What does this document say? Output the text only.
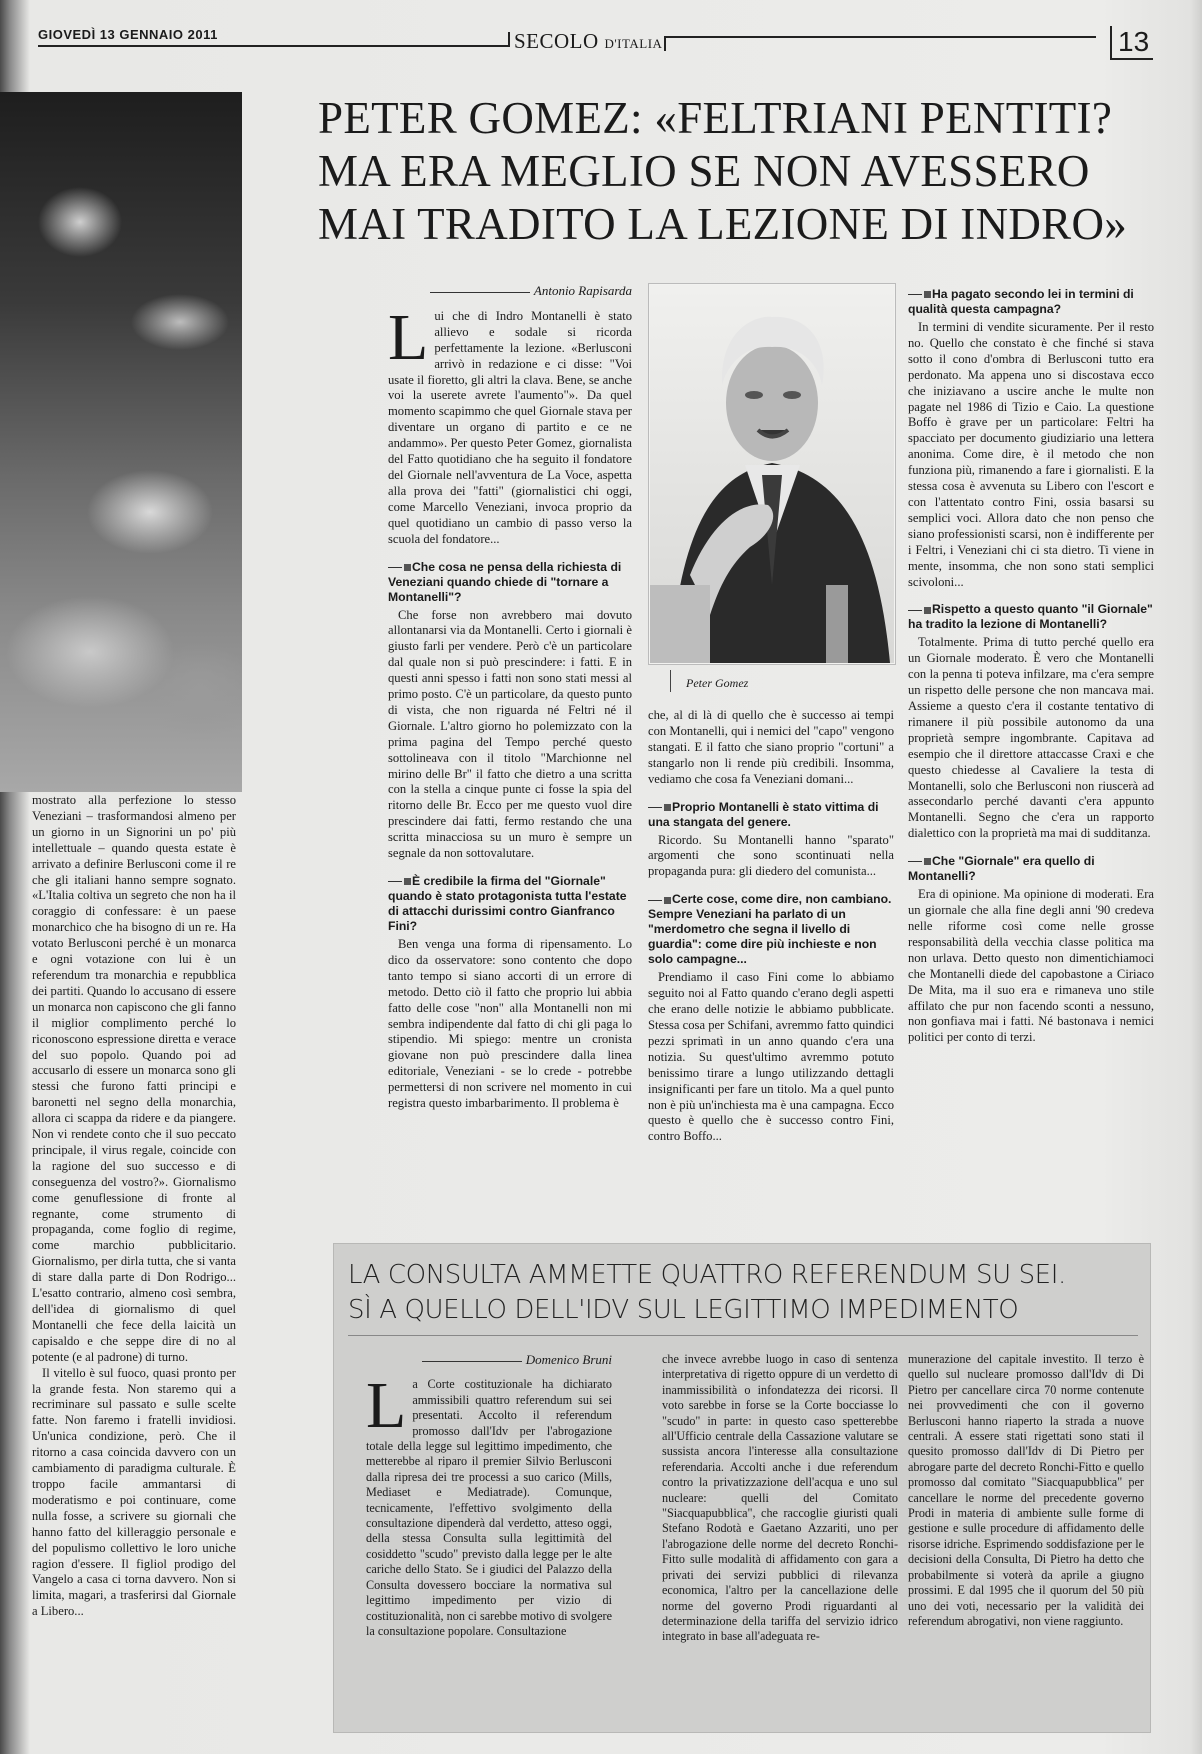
GIOVEDÌ 13 GENNAIO 2011	SECOLO D'ITALIA	13
PETER GOMEZ: «FELTRIANI PENTITI?
MA ERA MEGLIO SE NON AVESSERO
MAI TRADITO LA LEZIONE DI INDRO»

mostrato alla perfezione lo stesso Veneziani – trasformandosi almeno per un giorno in un Signorini un po' più intellettuale – quando questa estate è arrivato a definire Berlusconi come il re che gli italiani hanno sempre sognato. «L'Italia coltiva un segreto che non ha il coraggio di confessare: è un paese monarchico che ha bisogno di un re. Ha votato Berlusconi perché è un monarca e ogni votazione con lui è un referendum tra monarchia e repubblica dei partiti. Quando lo accusano di essere un monarca non capiscono che gli fanno il miglior complimento perché lo riconoscono espressione diretta e verace del suo popolo. Quando poi ad accusarlo di essere un monarca sono gli stessi che furono fatti principi e baronetti nel segno della monarchia, allora ci scappa da ridere e da piangere. Non vi rendete conto che il suo peccato principale, il virus regale, coincide con la ragione del suo successo e di conseguenza del vostro?». Giornalismo come genuflessione di fronte al regnante, come strumento di propaganda, come foglio di regime, come marchio pubblicitario. Giornalismo, per dirla tutta, che si vanta di stare dalla parte di Don Rodrigo... L'esatto contrario, almeno così sembra, dell'idea di giornalismo di quel Montanelli che fece della laicità un capisaldo e che seppe dire di no al potente (e al padrone) di turno.

Il vitello è sul fuoco, quasi pronto per la grande festa. Non staremo qui a recriminare sul passato e sulle scelte fatte. Non faremo i fratelli invidiosi. Un'unica condizione, però. Che il ritorno a casa coincida davvero con un cambiamento di paradigma culturale. È troppo facile ammantarsi di moderatismo e poi continuare, come nulla fosse, a scrivere su giornali che hanno fatto del killeraggio personale e del populismo collettivo le loro uniche ragion d'essere. Il figliol prodigo del Vangelo a casa ci torna davvero. Non si limita, magari, a trasferirsi dal Giornale a Libero...

Antonio Rapisarda

L ui che di Indro Montanelli è stato allievo e sodale si ricorda perfettamente la lezione. «Berlusconi arrivò in redazione e ci disse: "Voi usate il fioretto, gli altri la clava. Bene, se anche voi la userete avrete l'aumento"». Da quel momento scapimmo che quel Giornale stava per diventare un organo di partito e ce ne andammo». Per questo Peter Gomez, giornalista del Fatto quotidiano che ha seguito il fondatore del Giornale nell'avventura de La Voce, aspetta alla prova dei "fatti" (giornalistici chi oggi, come Marcello Veneziani, invoca proprio da quel quotidiano un cambio di passo verso la scuola del fondatore...

Che cosa ne pensa della richiesta di Veneziani quando chiede di "tornare a Montanelli"?

Che forse non avrebbero mai dovuto allontanarsi via da Montanelli. Certo i giornali è giusto farli per vendere. Però c'è un particolare dal quale non si può prescindere: i fatti. E in questi anni spesso i fatti non sono stati messi al primo posto. C'è un particolare, da questo punto di vista, che non riguarda né Feltri né il Giornale. L'altro giorno ho polemizzato con la prima pagina del Tempo perché questo sottolineava con il titolo "Marchionne nel mirino delle Br" il fatto che dietro a una scritta con la stella a cinque punte ci fosse la spia del ritorno delle Br. Ecco per me questo vuol dire prescindere dai fatti, fermo restando che una scritta minacciosa su un muro è sempre un segnale da non sottovalutare.

È credibile la firma del "Giornale" quando è stato protagonista tutta l'estate di attacchi durissimi contro Gianfranco Fini?

Ben venga una forma di ripensamento. Lo dico da osservatore: sono contento che dopo tanto tempo si siano accorti di un errore di metodo. Detto ciò il fatto che proprio lui abbia fatto delle cose "non" alla Montanelli non mi sembra indipendente dal fatto di chi gli paga lo stipendio. Mi spiego: mentre un cronista giovane non può prescindere dalla linea editoriale, Veneziani - se lo crede - potrebbe permettersi di non scrivere nel momento in cui registra questo imbarbarimento. Il problema è

Peter Gomez

che, al di là di quello che è successo ai tempi con Montanelli, qui i nemici del "capo" vengono stangati. E il fatto che siano proprio "cortuni" a stangarlo non li rende più credibili. Insomma, vediamo che cosa fa Veneziani domani...

Proprio Montanelli è stato vittima di una stangata del genere.

Ricordo. Su Montanelli hanno "sparato" argomenti che sono scontinuati nella propaganda pura: gli diedero del comunista...

Certe cose, come dire, non cambiano. Sempre Veneziani ha parlato di un "merdometro che segna il livello di guardia": come dire più inchieste e non solo campagne...

Prendiamo il caso Fini come lo abbiamo seguito noi al Fatto quando c'erano degli aspetti che erano delle notizie le abbiamo pubblicate. Stessa cosa per Schifani, avremmo fatto quindici pezzi sprimatì in un anno quando c'era una notizia. Su quest'ultimo avremmo potuto benissimo tirare a lungo utilizzando dettagli insignificanti per fare un titolo. Ma a quel punto non è più un'inchiesta ma è una campagna. Ecco questo è quello che è successo contro Fini, contro Boffo...

Ha pagato secondo lei in termini di qualità questa campagna?

In termini di vendite sicuramente. Per il resto no. Quello che constato è che finché si stava sotto il cono d'ombra di Berlusconi tutto era perdonato. Ma appena uno si discostava ecco che iniziavano a uscire anche le multe non pagate nel 1986 di Tizio e Caio. La questione Boffo è grave per un particolare: Feltri ha spacciato per documento giudiziario una lettera anonima. Come dire, è il metodo che non funziona più, rimanendo a fare i giornalisti. E la stessa cosa è avvenuta su Libero con l'escort e con l'attentato contro Fini, ossia basarsi su semplici voci. Allora dato che non penso che siano professionisti scarsi, non è indifferente per i Feltri, i Veneziani chi ci sta dietro. Ti viene in mente, insomma, che non sono stati semplici scivoloni...

Rispetto a questo quanto "il Giornale" ha tradito la lezione di Montanelli?

Totalmente. Prima di tutto perché quello era un Giornale moderato. È vero che Montanelli con la penna ti poteva infilzare, ma c'era sempre un rispetto delle persone che non mancava mai. Assieme a questo c'era il costante tentativo di rimanere il più possibile autonomo da una proprietà sempre ingombrante. Capitava ad esempio che il direttore attaccasse Craxi e che questo chiedesse al Cavaliere la testa di Montanelli, solo che Berlusconi non riuscerà ad assecondarlo perché davanti c'era appunto Montanelli. Segno che c'era un rapporto dialettico con la proprietà ma mai di sudditanza.

Che "Giornale" era quello di Montanelli?

Era di opinione. Ma opinione di moderati. Era un giornale che alla fine degli anni '90 credeva nelle riforme così come nelle grosse responsabilità della vecchia classe politica ma non urlava. Detto questo non dimentichiamoci che Montanelli diede del capobastone a Ciriaco De Mita, ma il suo era e rimaneva uno stile affilato che pur non facendo sconti a nessuno, non gonfiava mai i fatti. Né bastonava i nemici politici per conto di terzi.

LA CONSULTA AMMETTE QUATTRO REFERENDUM SU SEI.
SÌ A QUELLO DELL'IDV SUL LEGITTIMO IMPEDIMENTO

Domenico Bruni

L a Corte costituzionale ha dichiarato ammissibili quattro referendum sui sei presentati. Accolto il referendum promosso dall'Idv per l'abrogazione totale della legge sul legittimo impedimento, che metterebbe al riparo il premier Silvio Berlusconi dalla ripresa dei tre processi a suo carico (Mills, Mediaset e Mediatrade). Comunque, tecnicamente, l'effettivo svolgimento della consultazione dipenderà dal verdetto, atteso oggi, della stessa Consulta sulla legittimità del cosiddetto "scudo" previsto dalla legge per le alte cariche dello Stato. Se i giudici del Palazzo della Consulta dovessero bocciare la normativa sul legittimo impedimento per vizio di costituzionalità, non ci sarebbe motivo di svolgere la consultazione popolare. Consultazione

che invece avrebbe luogo in caso di sentenza interpretativa di rigetto oppure di un verdetto di inammissibilità o infondatezza dei ricorsi. Il voto sarebbe in forse se la Corte bocciasse lo "scudo" in parte: in questo caso spetterebbe all'Ufficio centrale della Cassazione valutare se sussista ancora l'interesse alla consultazione referendaria. Accolti anche i due referendum contro la privatizzazione dell'acqua e uno sul nucleare: quelli del Comitato "Siacquapubblica", che raccoglie giuristi quali Stefano Rodotà e Gaetano Azzariti, uno per l'abrogazione delle norme del decreto Ronchi-Fitto sulle modalità di affidamento con gara a privati dei servizi pubblici di rilevanza economica, l'altro per la cancellazione delle norme del governo Prodi riguardanti al determinazione della tariffa del servizio idrico integrato in base all'adeguata re-

munerazione del capitale investito. Il terzo è quello sul nucleare promosso dall'Idv di Di Pietro per cancellare circa 70 norme contenute nei provvedimenti che con il governo Berlusconi hanno riaperto la strada a nuove centrali. A essere stati rigettati sono stati il quesito promosso dall'Idv di Di Pietro per abrogare parte del decreto Ronchi-Fitto e quello promosso dal comitato "Siacquapubblica" per cancellare le norme del precedente governo Prodi in materia di ambiente sulle forme di gestione e sulle procedure di affidamento delle risorse idriche. Esprimendo soddisfazione per le decisioni della Consulta, Di Pietro ha detto che probabilmente si voterà da aprile a giugno prossimi. E dal 1995 che il quorum del 50 più uno dei voti, necessario per la validità dei referendum abrogativi, non viene raggiunto.
